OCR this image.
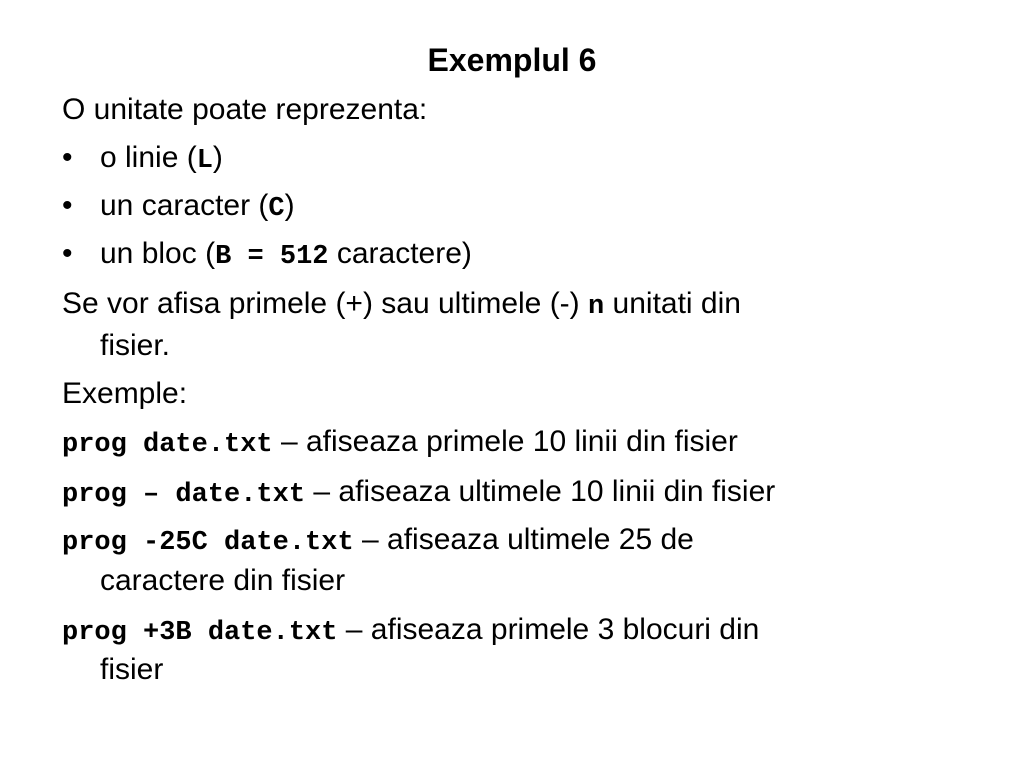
Exemplul 6
O unitate poate reprezenta:
• o linie (L)
• un caracter (C)
• un bloc (B = 512 caractere)
Se vor afisa primele (+) sau ultimele (-) n unitati din
fisier.
Exemple:
prog date.txt – afiseaza primele 10 linii din fisier
prog – date.txt – afiseaza ultimele 10 linii din fisier
prog -25C date.txt – afiseaza ultimele 25 de
caractere din fisier
prog +3B date.txt – afiseaza primele 3 blocuri din
fisier
